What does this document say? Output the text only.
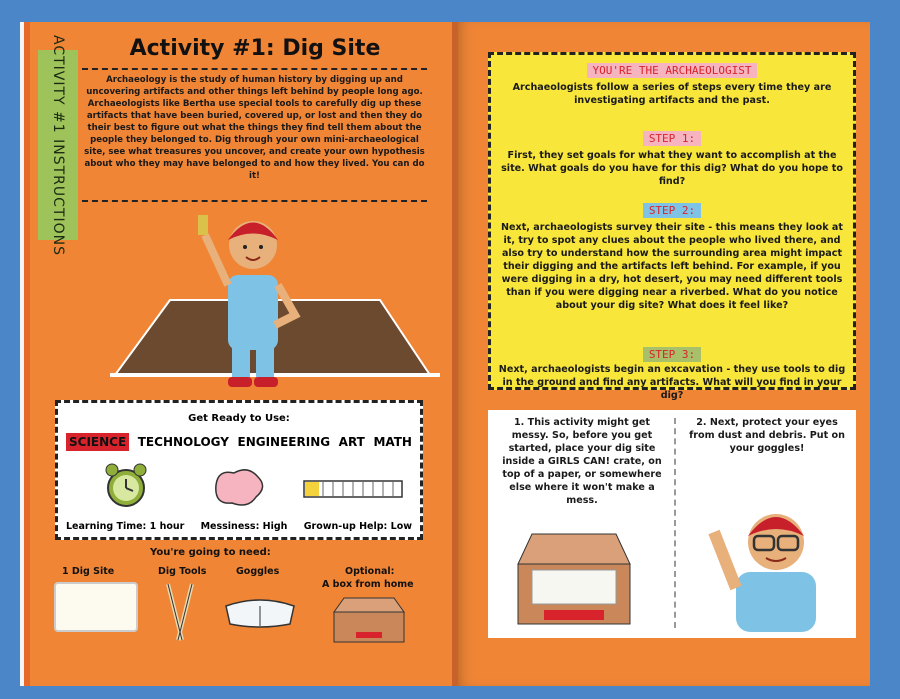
ACTIVITY #1 INSTRUCTIONS	Activity #1: Dig Site
Archaeology is the study of human history by digging up and uncovering artifacts and other things left behind by people long ago. Archaeologists like Bertha use special tools to carefully dig up these artifacts that have been buried, covered up, or lost and then they do their best to figure out what the things they find tell them about the people they belonged to. Dig through your own mini-archaeological site, see what treasures you uncover, and create your own hypothesis about who they may have belonged to and how they lived. You can do it!
Get Ready to Use:
SCIENCE TECHNOLOGY ENGINEERING ART MATH
Learning Time: 1 hour Messiness: High Grown-up Help: Low
You're going to need:
1 Dig Site	Dig Tools	Goggles	Optional:
A box from home
YOU'RE THE ARCHAEOLOGIST
Archaeologists follow a series of steps every time they are investigating artifacts and the past.
STEP 1:
First, they set goals for what they want to accomplish at the site. What goals do you have for this dig? What do you hope to find?
STEP 2:
Next, archaeologists survey their site - this means they look at it, try to spot any clues about the people who lived there, and also try to understand how the surrounding area might impact their digging and the artifacts left behind. For example, if you were digging in a dry, hot desert, you may need different tools than if you were digging near a riverbed. What do you notice about your dig site? What does it feel like?
STEP 3:
Next, archaeologists begin an excavation - they use tools to dig in the ground and find any artifacts. What will you find in your dig?
1. This activity might get messy. So, before you get started, place your dig site inside a GIRLS CAN! crate, on top of a paper, or somewhere else where it won't make a mess.
2. Next, protect your eyes from dust and debris. Put on your goggles!
